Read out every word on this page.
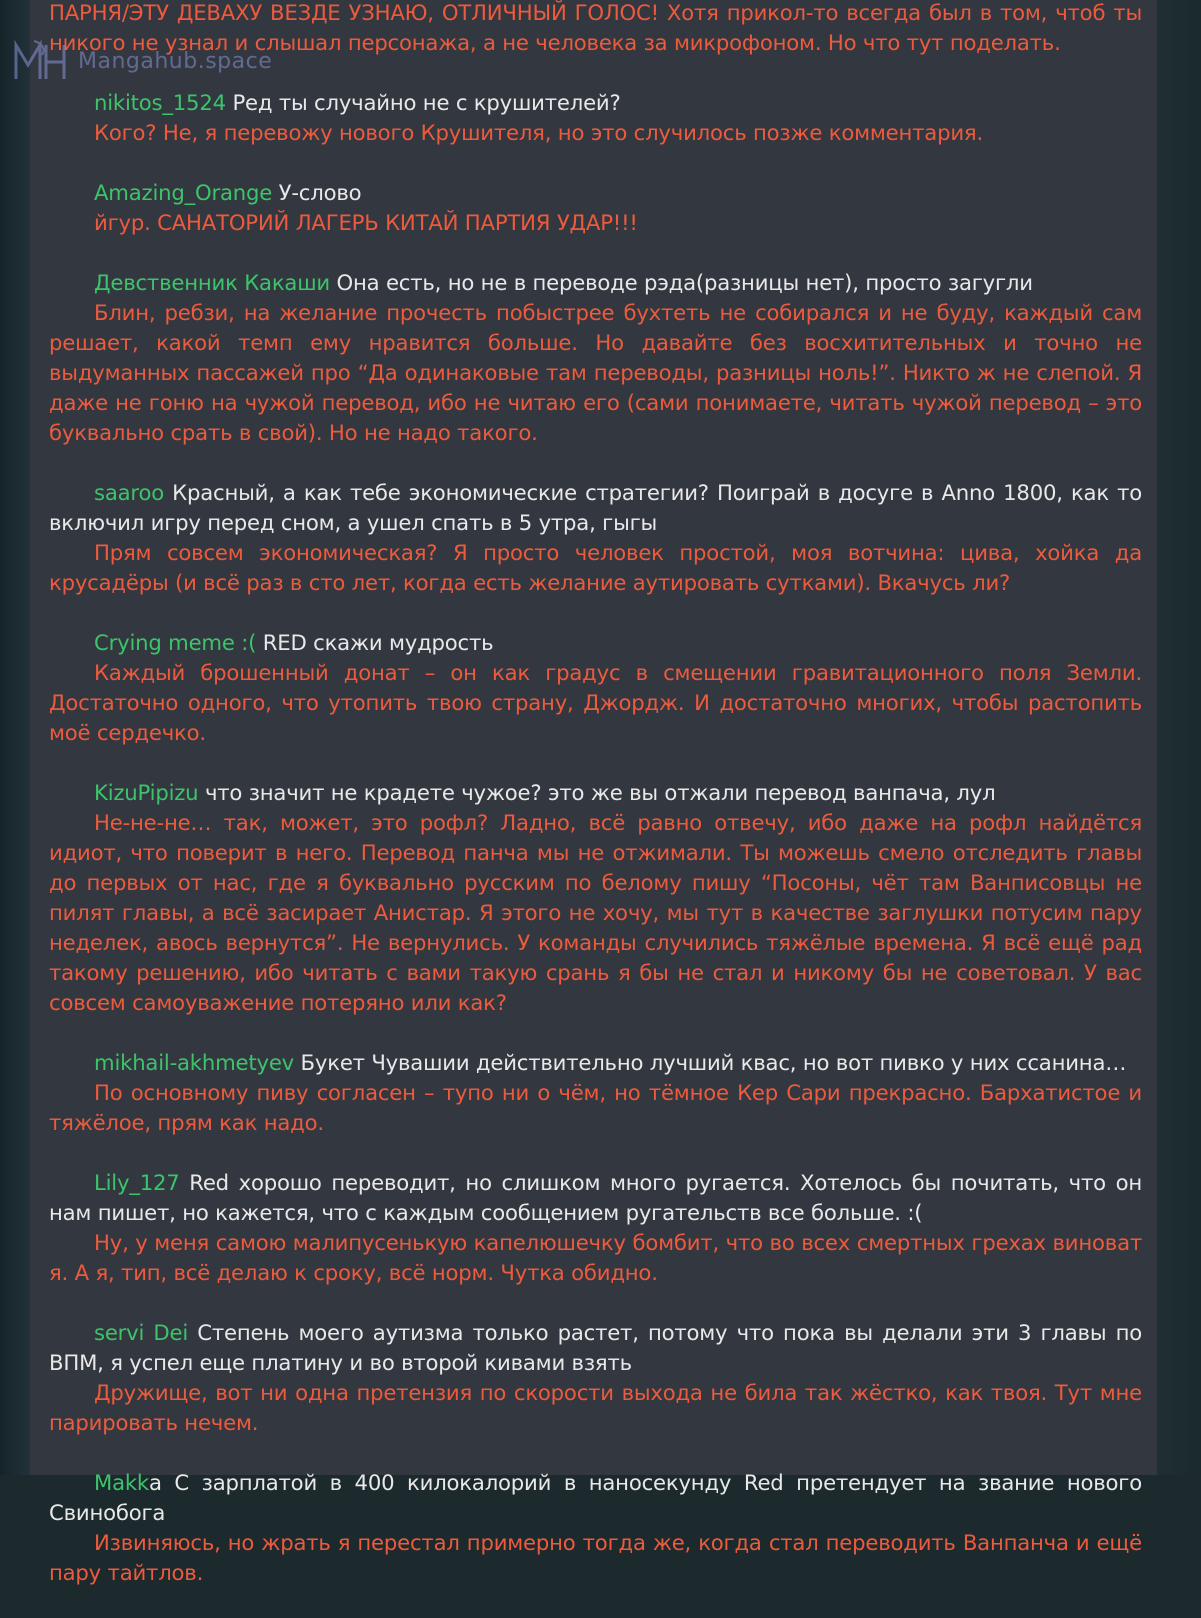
ПАРНЯ/ЭТУ ДЕВАХУ ВЕЗДЕ УЗНАЮ, ОТЛИЧНЫЙ ГОЛОС! Хотя прикол-то всегда был в том, чтоб ты никого не узнал и слышал персонажа, а не человека за микрофоном. Но что тут поделать.

nikitos_1524 Ред ты случайно не с крушителей?

Кого? Не, я перевожу нового Крушителя, но это случилось позже комментария.

Amazing_Orange У-слово

йгур. САНАТОРИЙ ЛАГЕРЬ КИТАЙ ПАРТИЯ УДАР!!!

Девственник Какаши Она есть, но не в переводе рэда(разницы нет), просто загугли

Блин, ребзи, на желание прочесть побыстрее бухтеть не собирался и не буду, каждый сам решает, какой темп ему нравится больше. Но давайте без восхитительных и точно не выдуманных пассажей про “Да одинаковые там переводы, разницы ноль!”. Никто ж не слепой. Я даже не гоню на чужой перевод, ибо не читаю его (сами понимаете, читать чужой перевод – это буквально срать в свой). Но не надо такого.

saaroo Красный, а как тебе экономические стратегии? Поиграй в досуге в Anno 1800, как то включил игру перед сном, а ушел спать в 5 утра, гыгы

Прям совсем экономическая? Я просто человек простой, моя вотчина: цива, хойка да крусадёры (и всё раз в сто лет, когда есть желание аутировать сутками). Вкачусь ли?

Crying meme :( RED скажи мудрость

Каждый брошенный донат – он как градус в смещении гравитационного поля Земли. Достаточно одного, что утопить твою страну, Джордж. И достаточно многих, чтобы растопить моё сердечко.

KizuPipizu что значит не крадете чужое? это же вы отжали перевод ванпача, лул

Не-не-не… так, может, это рофл? Ладно, всё равно отвечу, ибо даже на рофл найдётся идиот, что поверит в него. Перевод панча мы не отжимали. Ты можешь смело отследить главы до первых от нас, где я буквально русским по белому пишу “Посоны, чёт там Ванписовцы не пилят главы, а всё засирает Анистар. Я этого не хочу, мы тут в качестве заглушки потусим пару неделек, авось вернутся”. Не вернулись. У команды случились тяжёлые времена. Я всё ещё рад такому решению, ибо читать с вами такую срань я бы не стал и никому бы не советовал. У вас совсем самоуважение потеряно или как?

mikhail-akhmetyev Букет Чувашии действительно лучший квас, но вот пивко у них ссанина…

По основному пиву согласен – тупо ни о чём, но тёмное Кер Сари прекрасно. Бархатистое и тяжёлое, прям как надо.

Lily_127 Red хорошо переводит, но слишком много ругается. Хотелось бы почитать, что он нам пишет, но кажется, что с каждым сообщением ругательств все больше. :(

Ну, у меня самою малипусенькую капелюшечку бомбит, что во всех смертных грехах виноват я. А я, тип, всё делаю к сроку, всё норм. Чутка обидно.

servi Dei Степень моего аутизма только растет, потому что пока вы делали эти 3 главы по ВПМ, я успел еще платину и во второй кивами взять

Дружище, вот ни одна претензия по скорости выхода не била так жёстко, как твоя. Тут мне парировать нечем.

Makkа С зарплатой в 400 килокалорий в наносекунду Red претендует на звание нового Свинобога

Извиняюсь, но жрать я перестал примерно тогда же, когда стал переводить Ванпанча и ещё пару тайтлов.

Mangahub.space
